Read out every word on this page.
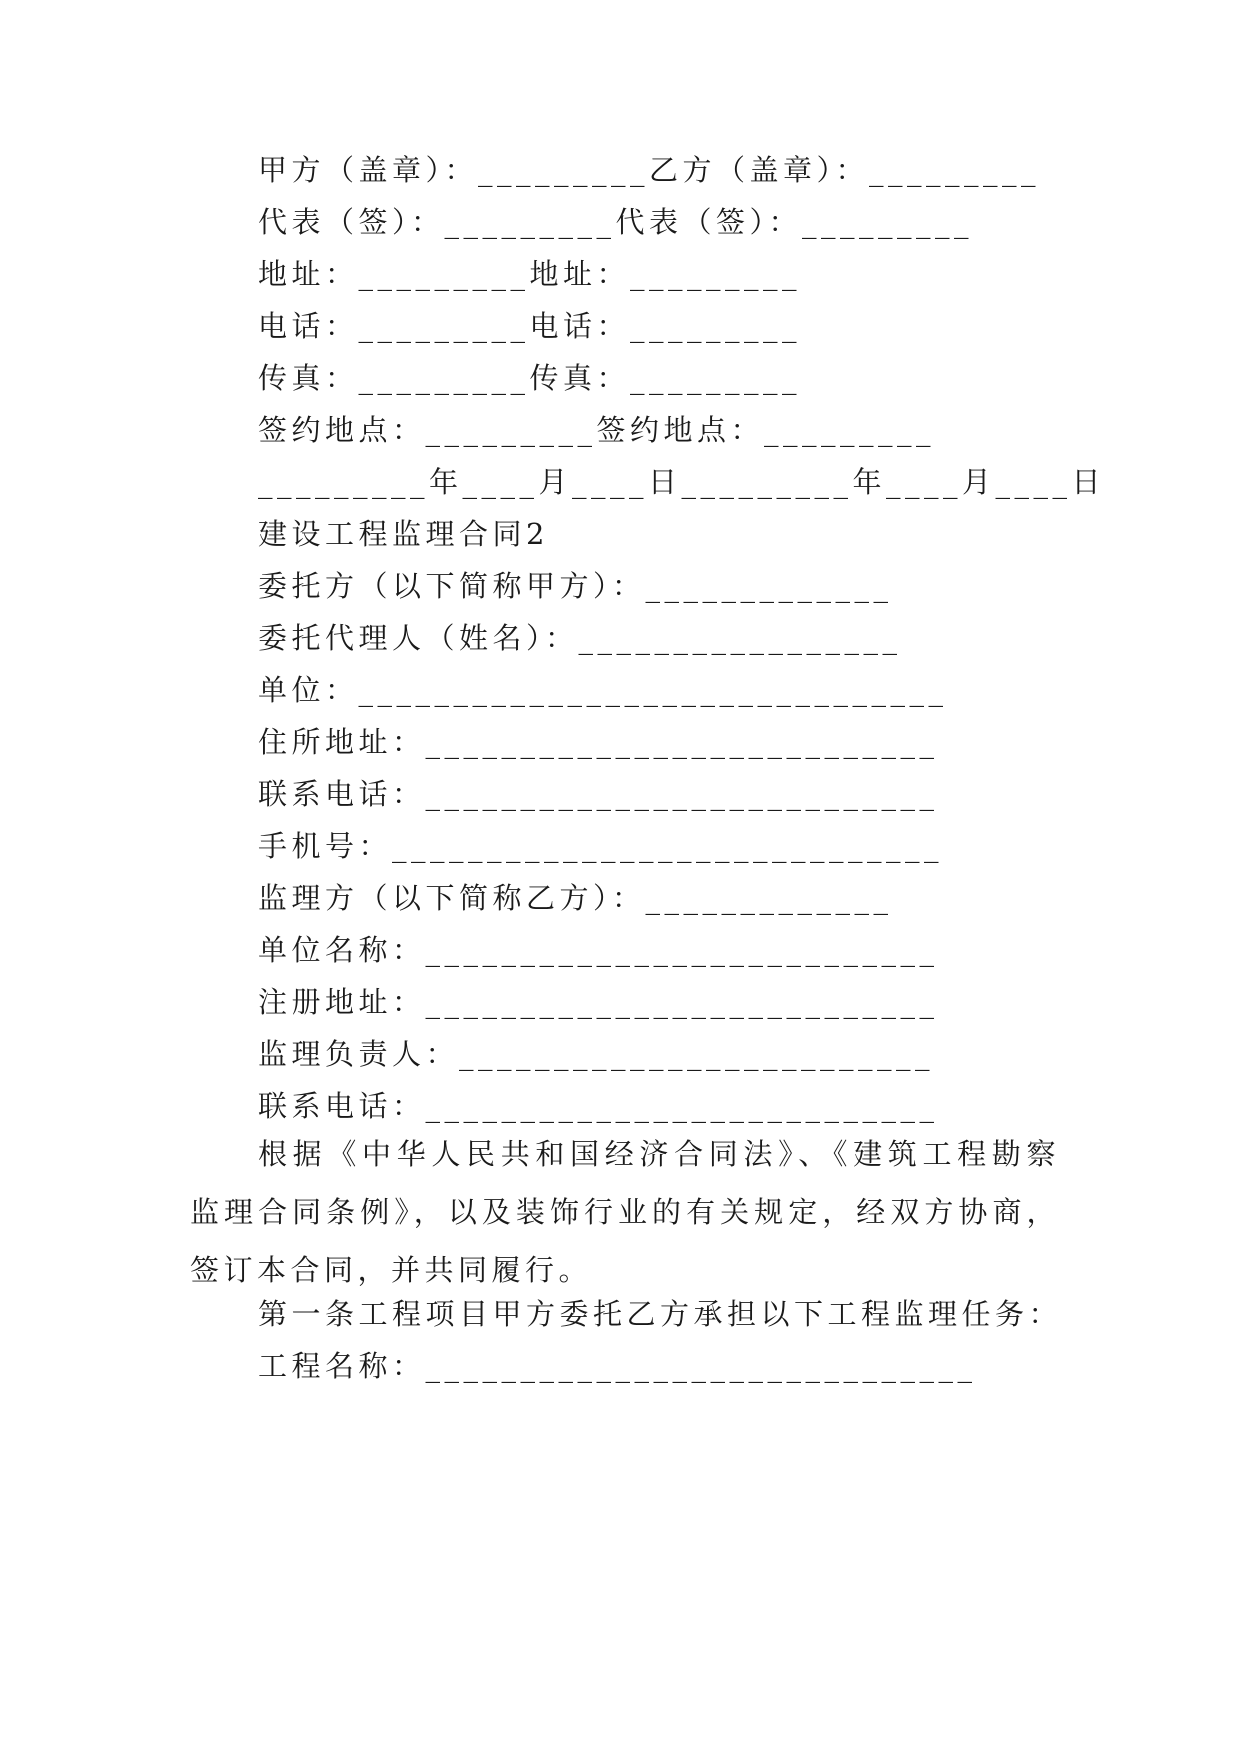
甲方（盖章）：_________乙方（盖章）：_________
代表（签）：_________代表（签）：_________
地址：_________地址：_________
电话：_________电话：_________
传真：_________传真：_________
签约地点：_________签约地点：_________
_________年____月____日_________年____月____日
建设工程监理合同2
委托方（以下简称甲方）：_____________
委托代理人（姓名）：_________________
单位：_______________________________
住所地址：___________________________
联系电话：___________________________
手机号：_____________________________
监理方（以下简称乙方）：_____________
单位名称：___________________________
注册地址：___________________________
监理负责人：_________________________
联系电话：___________________________
根据《中华人民共和国经济合同法》、《建筑工程勘察监理合同条例》，以及装饰行业的有关规定，经双方协商，签订本合同，并共同履行。
第一条工程项目甲方委托乙方承担以下工程监理任务：
工程名称：_____________________________
